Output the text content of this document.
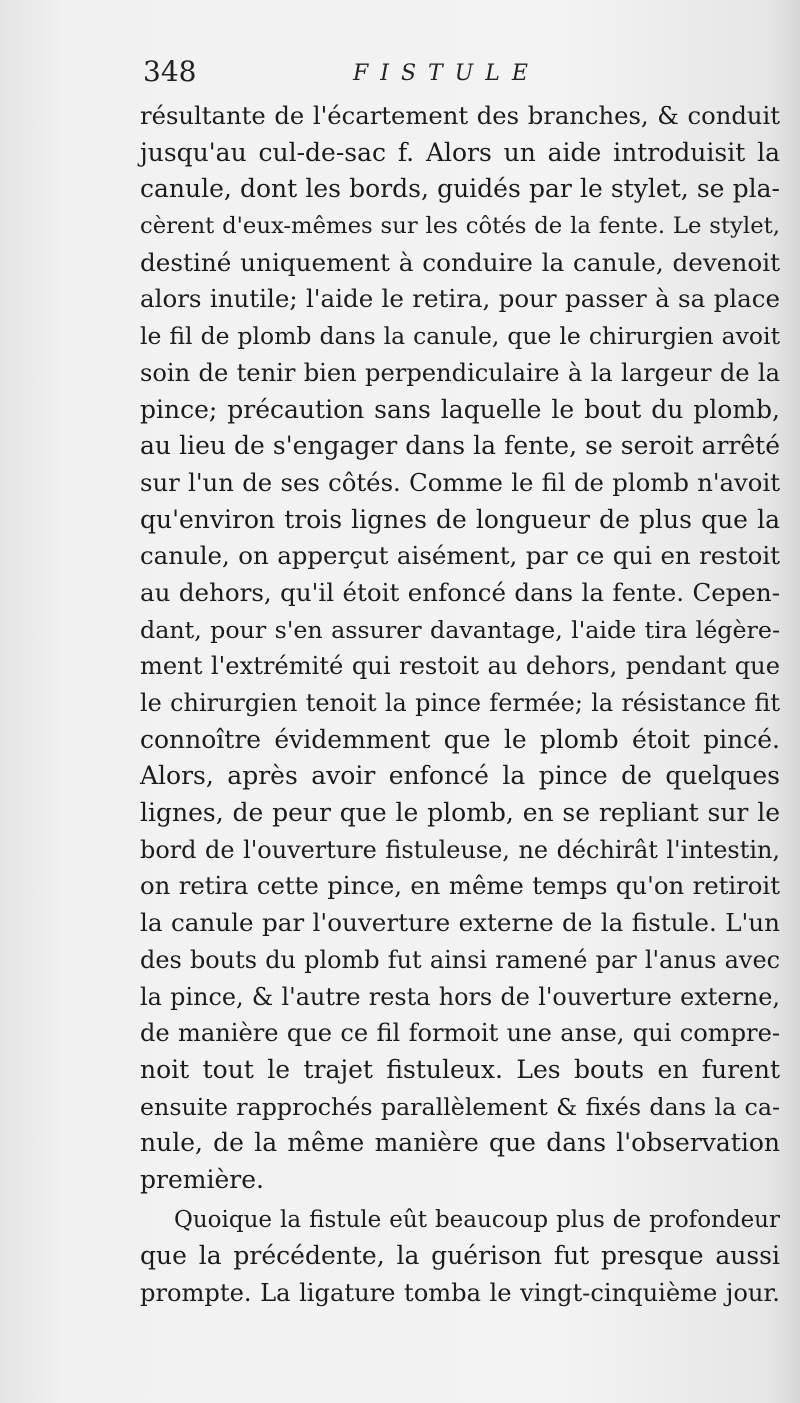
348	FISTULE
résultante de l'écartement des branches, & conduit
jusqu'au cul-de-sac f. Alors un aide introduisit la
canule, dont les bords, guidés par le stylet, se pla-
cèrent d'eux-mêmes sur les côtés de la fente. Le stylet,
destiné uniquement à conduire la canule, devenoit
alors inutile; l'aide le retira, pour passer à sa place
le fil de plomb dans la canule, que le chirurgien avoit
soin de tenir bien perpendiculaire à la largeur de la
pince; précaution sans laquelle le bout du plomb,
au lieu de s'engager dans la fente, se seroit arrêté
sur l'un de ses côtés. Comme le fil de plomb n'avoit
qu'environ trois lignes de longueur de plus que la
canule, on apperçut aisément, par ce qui en restoit
au dehors, qu'il étoit enfoncé dans la fente. Cepen-
dant, pour s'en assurer davantage, l'aide tira légère-
ment l'extrémité qui restoit au dehors, pendant que
le chirurgien tenoit la pince fermée; la résistance fit
connoître évidemment que le plomb étoit pincé.
Alors, après avoir enfoncé la pince de quelques
lignes, de peur que le plomb, en se repliant sur le
bord de l'ouverture fistuleuse, ne déchirât l'intestin,
on retira cette pince, en même temps qu'on retiroit
la canule par l'ouverture externe de la fistule. L'un
des bouts du plomb fut ainsi ramené par l'anus avec
la pince, & l'autre resta hors de l'ouverture externe,
de manière que ce fil formoit une anse, qui compre-
noit tout le trajet fistuleux. Les bouts en furent
ensuite rapprochés parallèlement & fixés dans la ca-
nule, de la même manière que dans l'observation
première.
Quoique la fistule eût beaucoup plus de profondeur
que la précédente, la guérison fut presque aussi
prompte. La ligature tomba le vingt-cinquième jour.
